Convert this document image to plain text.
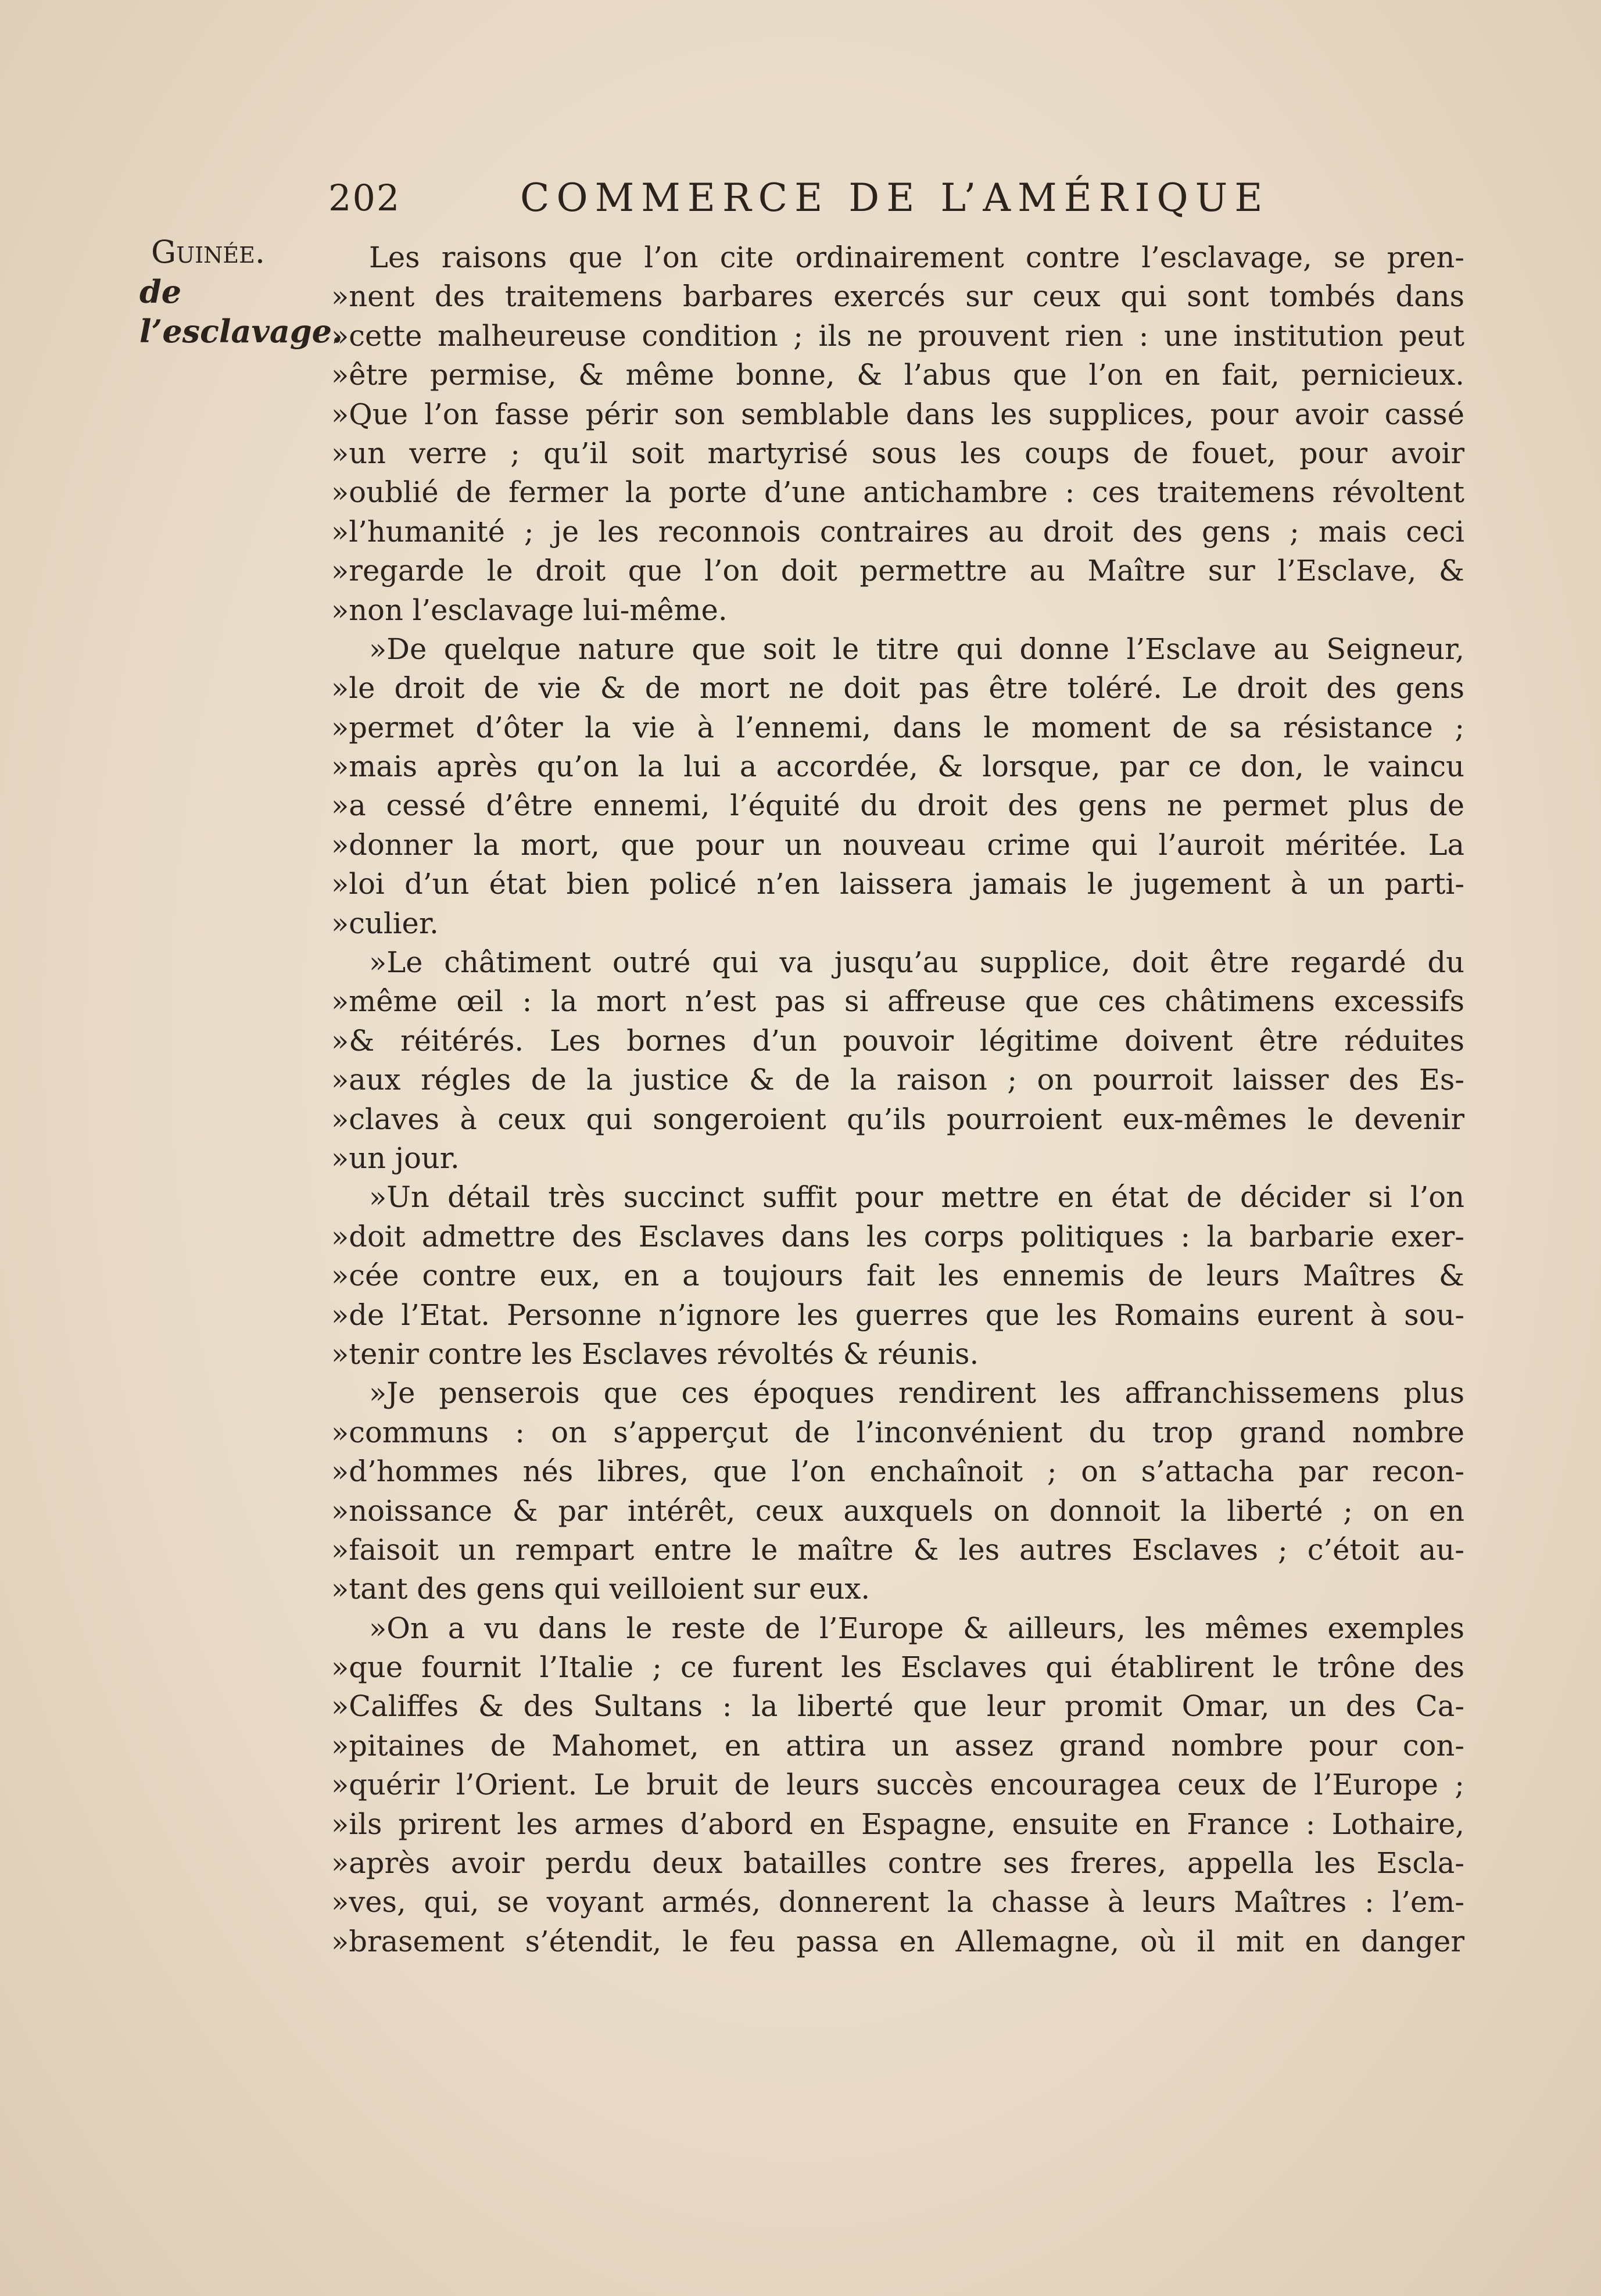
202	COMMERCE DE L’AMÉRIQUE
Guinée.
de l’esclavage.
Les raisons que l’on cite ordinairement contre l’esclavage, se pren-
»nent des traitemens barbares exercés sur ceux qui sont tombés dans
»cette malheureuse condition ; ils ne prouvent rien : une institution peut
»être permise, & même bonne, & l’abus que l’on en fait, pernicieux.
»Que l’on fasse périr son semblable dans les supplices, pour avoir cassé
»un verre ; qu’il soit martyrisé sous les coups de fouet, pour avoir
»oublié de fermer la porte d’une antichambre : ces traitemens révoltent
»l’humanité ; je les reconnois contraires au droit des gens ; mais ceci
»regarde le droit que l’on doit permettre au Maître sur l’Esclave, &
»non l’esclavage lui-même.
»De quelque nature que soit le titre qui donne l’Esclave au Seigneur,
»le droit de vie & de mort ne doit pas être toléré. Le droit des gens
»permet d’ôter la vie à l’ennemi, dans le moment de sa résistance ;
»mais après qu’on la lui a accordée, & lorsque, par ce don, le vaincu
»a cessé d’être ennemi, l’équité du droit des gens ne permet plus de
»donner la mort, que pour un nouveau crime qui l’auroit méritée. La
»loi d’un état bien policé n’en laissera jamais le jugement à un parti-
»culier.
»Le châtiment outré qui va jusqu’au supplice, doit être regardé du
»même œil : la mort n’est pas si affreuse que ces châtimens excessifs
»& réitérés. Les bornes d’un pouvoir légitime doivent être réduites
»aux régles de la justice & de la raison ; on pourroit laisser des Es-
»claves à ceux qui songeroient qu’ils pourroient eux-mêmes le devenir
»un jour.
»Un détail très succinct suffit pour mettre en état de décider si l’on
»doit admettre des Esclaves dans les corps politiques : la barbarie exer-
»cée contre eux, en a toujours fait les ennemis de leurs Maîtres &
»de l’Etat. Personne n’ignore les guerres que les Romains eurent à sou-
»tenir contre les Esclaves révoltés & réunis.
»Je penserois que ces époques rendirent les affranchissemens plus
»communs : on s’apperçut de l’inconvénient du trop grand nombre
»d’hommes nés libres, que l’on enchaînoit ; on s’attacha par recon-
»noissance & par intérêt, ceux auxquels on donnoit la liberté ; on en
»faisoit un rempart entre le maître & les autres Esclaves ; c’étoit au-
»tant des gens qui veilloient sur eux.
»On a vu dans le reste de l’Europe & ailleurs, les mêmes exemples
»que fournit l’Italie ; ce furent les Esclaves qui établirent le trône des
»Califfes & des Sultans : la liberté que leur promit Omar, un des Ca-
»pitaines de Mahomet, en attira un assez grand nombre pour con-
»quérir l’Orient. Le bruit de leurs succès encouragea ceux de l’Europe ;
»ils prirent les armes d’abord en Espagne, ensuite en France : Lothaire,
»après avoir perdu deux batailles contre ses freres, appella les Escla-
»ves, qui, se voyant armés, donnerent la chasse à leurs Maîtres : l’em-
»brasement s’étendit, le feu passa en Allemagne, où il mit en danger
